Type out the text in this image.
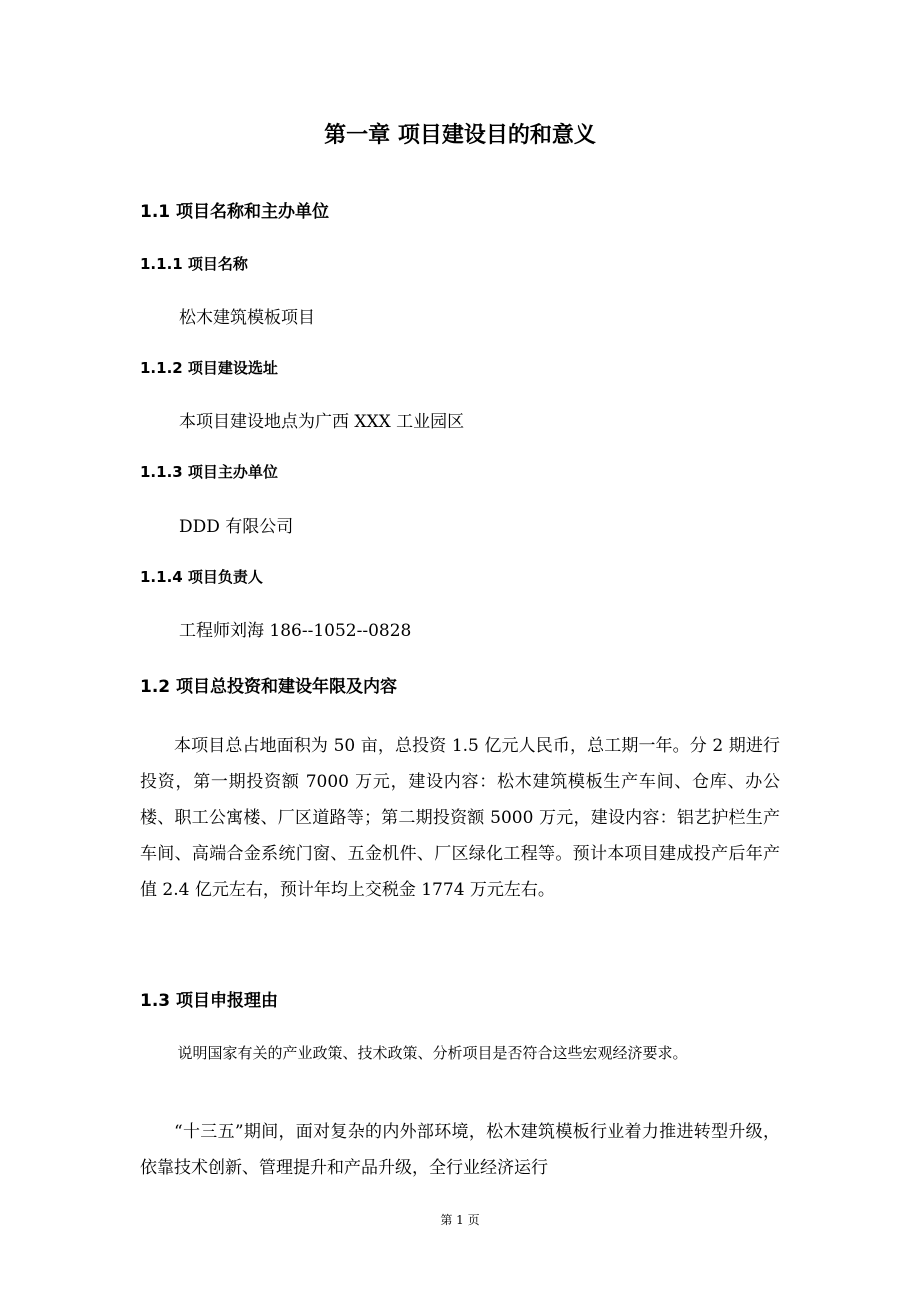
第一章 项目建设目的和意义
1.1 项目名称和主办单位
1.1.1 项目名称
松木建筑模板项目
1.1.2 项目建设选址
本项目建设地点为广西 XXX 工业园区
1.1.3 项目主办单位
DDD 有限公司
1.1.4 项目负责人
工程师刘海 186--1052--0828
1.2 项目总投资和建设年限及内容

本项目总占地面积为 50 亩，总投资 1.5 亿元人民币，总工期一年。分 2 期进行投资，第一期投资额 7000 万元，建设内容：松木建筑模板生产车间、仓库、办公楼、职工公寓楼、厂区道路等；第二期投资额 5000 万元，建设内容：铝艺护栏生产车间、高端合金系统门窗、五金机件、厂区绿化工程等。预计本项目建成投产后年产值 2.4 亿元左右，预计年均上交税金 1774 万元左右。

1.3 项目申报理由

说明国家有关的产业政策、技术政策、分析项目是否符合这些宏观经济要求。

“十三五”期间，面对复杂的内外部环境，松木建筑模板行业着力推进转型升级，依靠技术创新、管理提升和产品升级，全行业经济运行

第 1 页
